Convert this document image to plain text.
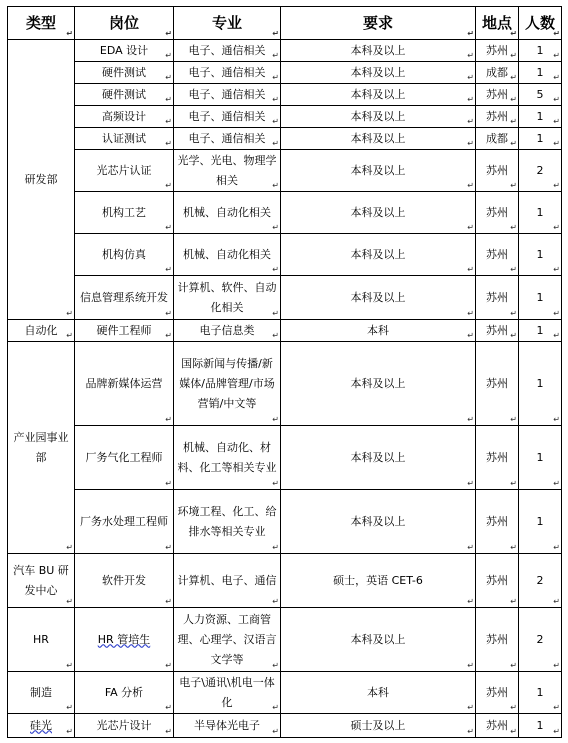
类型
↵	岗位
↵	专业
↵	要求
↵	地点
↵	人数
↵

研发部
↵	EDA 设计 ↵	电子、通信相关 ↵	本科及以上 ↵	苏州 ↵	1 ↵

	硬件测试 ↵	电子、通信相关 ↵	本科及以上 ↵	成都 ↵	1 ↵

	硬件测试 ↵	电子、通信相关 ↵	本科及以上 ↵	苏州 ↵	5 ↵

	高频设计 ↵	电子、通信相关 ↵	本科及以上 ↵	苏州 ↵	1 ↵

	认证测试 ↵	电子、通信相关 ↵	本科及以上 ↵	成都 ↵	1 ↵

	光芯片认证
↵	光学、光电、物理学相关 ↵	本科及以上
↵	苏州
↵	2
↵

	机构工艺
↵	机械、自动化相关
↵	本科及以上
↵	苏州
↵	1
↵

	机构仿真
↵	机械、自动化相关
↵	本科及以上
↵	苏州
↵	1
↵

	信息管理系统开发
↵	计算机、软件、自动化相关 ↵	本科及以上
↵	苏州
↵	1
↵

自动化 ↵	硬件工程师 ↵	电子信息类 ↵	本科 ↵	苏州 ↵	1 ↵

产业园事业部
↵	品牌新媒体运营
↵	国际新闻与传播/新媒体/品牌管理/市场营销/中文等
↵	本科及以上
↵	苏州
↵	1
↵

	厂务气化工程师
↵	机械、自动化、材料、化工等相关专业
↵	本科及以上
↵	苏州
↵	1
↵

	厂务水处理工程师
↵	环境工程、化工、给排水等相关专业
↵	本科及以上
↵	苏州
↵	1
↵

汽车 BU 研发中心
↵	软件开发
↵	计算机、电子、通信
↵	硕士，英语 CET-6
↵	苏州
↵	2
↵

HR
↵	HR 管培生
↵	人力资源、工商管理、心理学、汉语言文学等 ↵	本科及以上
↵	苏州
↵	2
↵

制造
↵	FA 分析
↵	电子\通讯\机电一体化 ↵	本科
↵	苏州
↵	1
↵

硅光 ↵	光芯片设计 ↵	半导体光电子 ↵	硕士及以上 ↵	苏州 ↵	1 ↵
